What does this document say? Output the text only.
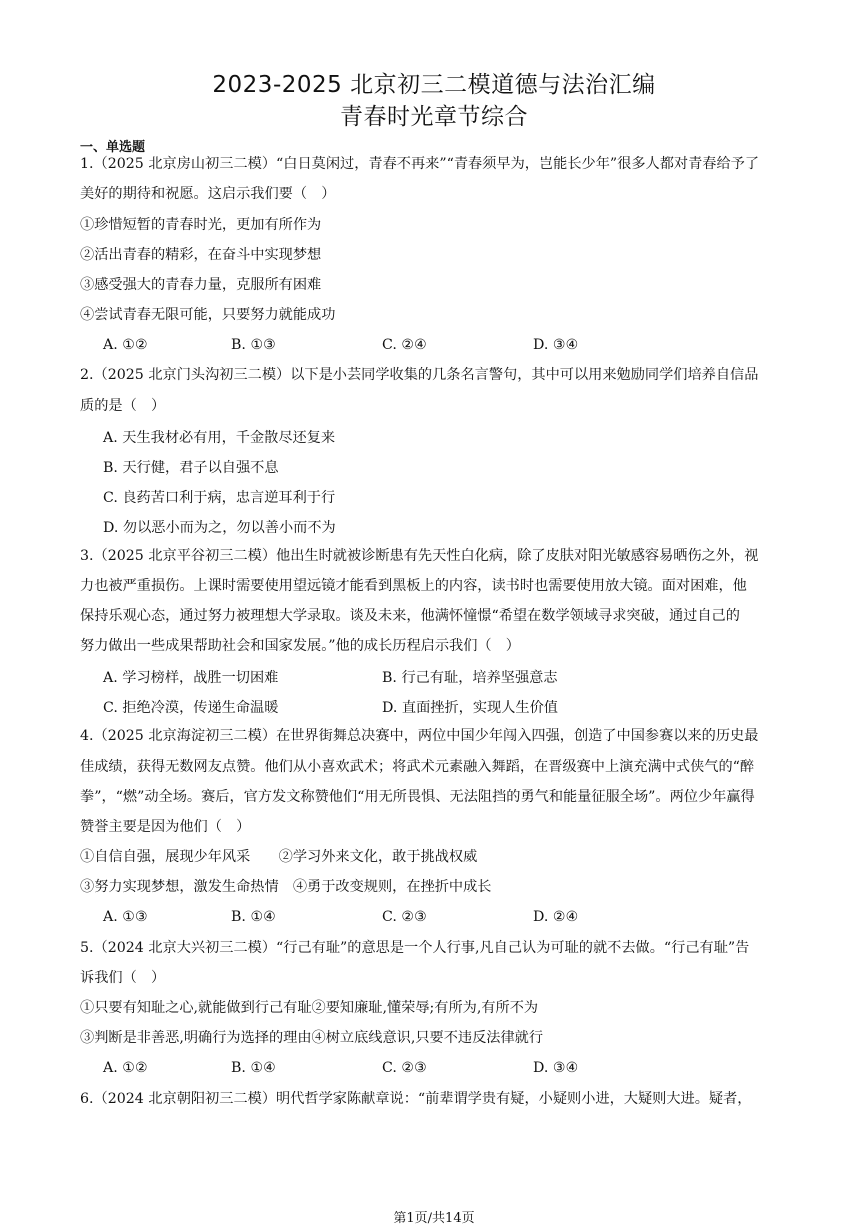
2023-2025 北京初三二模道德与法治汇编
青春时光章节综合
一、单选题
1.（2025 北京房山初三二模）“白日莫闲过，青春不再来”“青春须早为，岂能长少年”很多人都对青春给予了
美好的期待和祝愿。这启示我们要（　）
①珍惜短暂的青春时光，更加有所作为
②活出青春的精彩，在奋斗中实现梦想
③感受强大的青春力量，克服所有困难
④尝试青春无限可能，只要努力就能成功
A. ①②	B. ①③	C. ②④	D. ③④
2.（2025 北京门头沟初三二模）以下是小芸同学收集的几条名言警句，其中可以用来勉励同学们培养自信品
质的是（　）
A. 天生我材必有用，千金散尽还复来
B. 天行健，君子以自强不息
C. 良药苦口利于病，忠言逆耳利于行
D. 勿以恶小而为之，勿以善小而不为
3.（2025 北京平谷初三二模）他出生时就被诊断患有先天性白化病，除了皮肤对阳光敏感容易晒伤之外，视
力也被严重损伤。上课时需要使用望远镜才能看到黑板上的内容，读书时也需要使用放大镜。面对困难，他
保持乐观心态，通过努力被理想大学录取。谈及未来，他满怀憧憬“希望在数学领域寻求突破，通过自己的
努力做出一些成果帮助社会和国家发展。”他的成长历程启示我们（　）
A. 学习榜样，战胜一切困难	B. 行己有耻，培养坚强意志
C. 拒绝冷漠，传递生命温暖	D. 直面挫折，实现人生价值
4.（2025 北京海淀初三二模）在世界街舞总决赛中，两位中国少年闯入四强，创造了中国参赛以来的历史最
佳成绩，获得无数网友点赞。他们从小喜欢武术；将武术元素融入舞蹈，在晋级赛中上演充满中式侠气的“醉
拳”，“燃”动全场。赛后，官方发文称赞他们“用无所畏惧、无法阻挡的勇气和能量征服全场”。两位少年赢得
赞誉主要是因为他们（　）
①自信自强，展现少年风采　　②学习外来文化，敢于挑战权威
③努力实现梦想，激发生命热情　④勇于改变规则，在挫折中成长
A. ①③	B. ①④	C. ②③	D. ②④
5.（2024 北京大兴初三二模）“行己有耻”的意思是一个人行事,凡自己认为可耻的就不去做。“行己有耻”告
诉我们（　）
①只要有知耻之心,就能做到行己有耻②要知廉耻,懂荣辱;有所为,有所不为
③判断是非善恶,明确行为选择的理由④树立底线意识,只要不违反法律就行
A. ①②	B. ①④	C. ②③	D. ③④
6.（2024 北京朝阳初三二模）明代哲学家陈献章说：“前辈谓学贵有疑，小疑则小进，大疑则大进。疑者，
第1页/共14页
